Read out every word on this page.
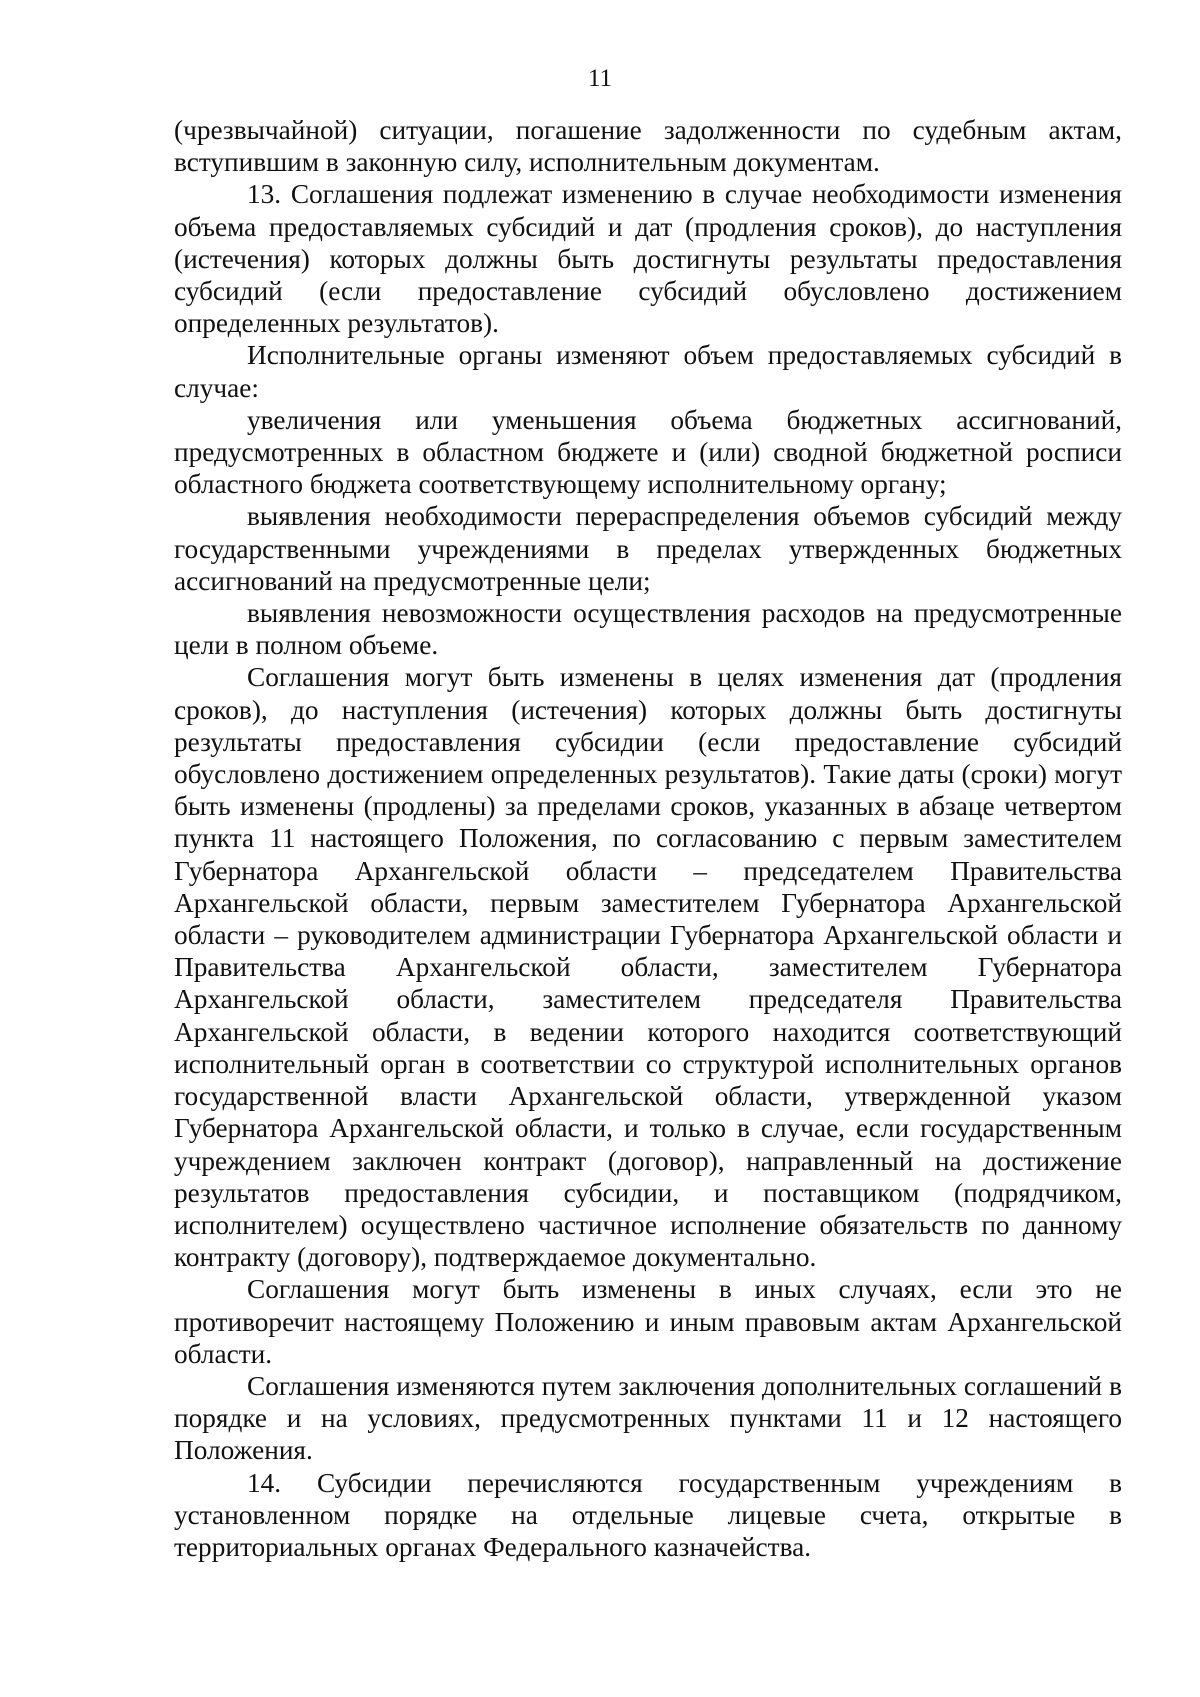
11

(чрезвычайной) ситуации, погашение задолженности по судебным актам, вступившим в законную силу, исполнительным документам.

13. Соглашения подлежат изменению в случае необходимости изменения объема предоставляемых субсидий и дат (продления сроков), до наступления (истечения) которых должны быть достигнуты результаты предоставления субсидий (если предоставление субсидий обусловлено достижением определенных результатов).

Исполнительные органы изменяют объем предоставляемых субсидий в случае:

увеличения или уменьшения объема бюджетных ассигнований, предусмотренных в областном бюджете и (или) сводной бюджетной росписи областного бюджета соответствующему исполнительному органу;

выявления необходимости перераспределения объемов субсидий между государственными учреждениями в пределах утвержденных бюджетных ассигнований на предусмотренные цели;

выявления невозможности осуществления расходов на предусмотренные цели в полном объеме.

Соглашения могут быть изменены в целях изменения дат (продления сроков), до наступления (истечения) которых должны быть достигнуты результаты предоставления субсидии (если предоставление субсидий обусловлено достижением определенных результатов). Такие даты (сроки) могут быть изменены (продлены) за пределами сроков, указанных в абзаце четвертом пункта 11 настоящего Положения, по согласованию с первым заместителем Губернатора Архангельской области – председателем Правительства Архангельской области, первым заместителем Губернатора Архангельской области – руководителем администрации Губернатора Архангельской области и Правительства Архангельской области, заместителем Губернатора Архангельской области, заместителем председателя Правительства Архангельской области, в ведении которого находится соответствующий исполнительный орган в соответствии со структурой исполнительных органов государственной власти Архангельской области, утвержденной указом Губернатора Архангельской области, и только в случае, если государственным учреждением заключен контракт (договор), направленный на достижение результатов предоставления субсидии, и поставщиком (подрядчиком, исполнителем) осуществлено частичное исполнение обязательств по данному контракту (договору), подтверждаемое документально.

Соглашения могут быть изменены в иных случаях, если это не противоречит настоящему Положению и иным правовым актам Архангельской области.

Соглашения изменяются путем заключения дополнительных соглашений в порядке и на условиях, предусмотренных пунктами 11 и 12 настоящего Положения.

14. Субсидии перечисляются государственным учреждениям в установленном порядке на отдельные лицевые счета, открытые в территориальных органах Федерального казначейства.
